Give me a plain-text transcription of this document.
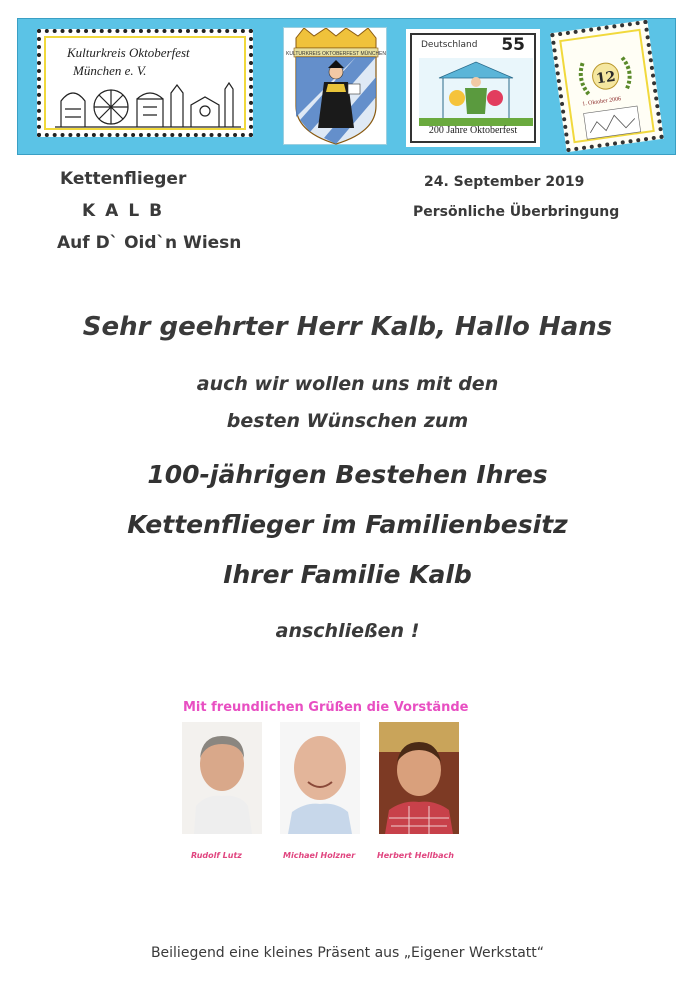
Kulturkreis Oktoberfest
München e. V.
KULTURKREIS OKTOBERFEST MÜNCHEN
Deutschland 55
200 Jahre Oktoberfest
12
1. Oktober 2006
Kettenflieger
KALB
Auf D` Oid`n Wiesn
24. September 2019
Persönliche Überbringung
Sehr geehrter Herr Kalb, Hallo Hans
auch wir wollen uns mit den
besten Wünschen zum
100-jährigen Bestehen Ihres
Kettenflieger im Familienbesitz
Ihrer Familie Kalb
anschließen !
Mit freundlichen Grüßen die Vorstände
Rudolf Lutz	Michael Holzner	Herbert Hellbach
Beiliegend eine kleines Präsent aus „Eigener Werkstatt“
